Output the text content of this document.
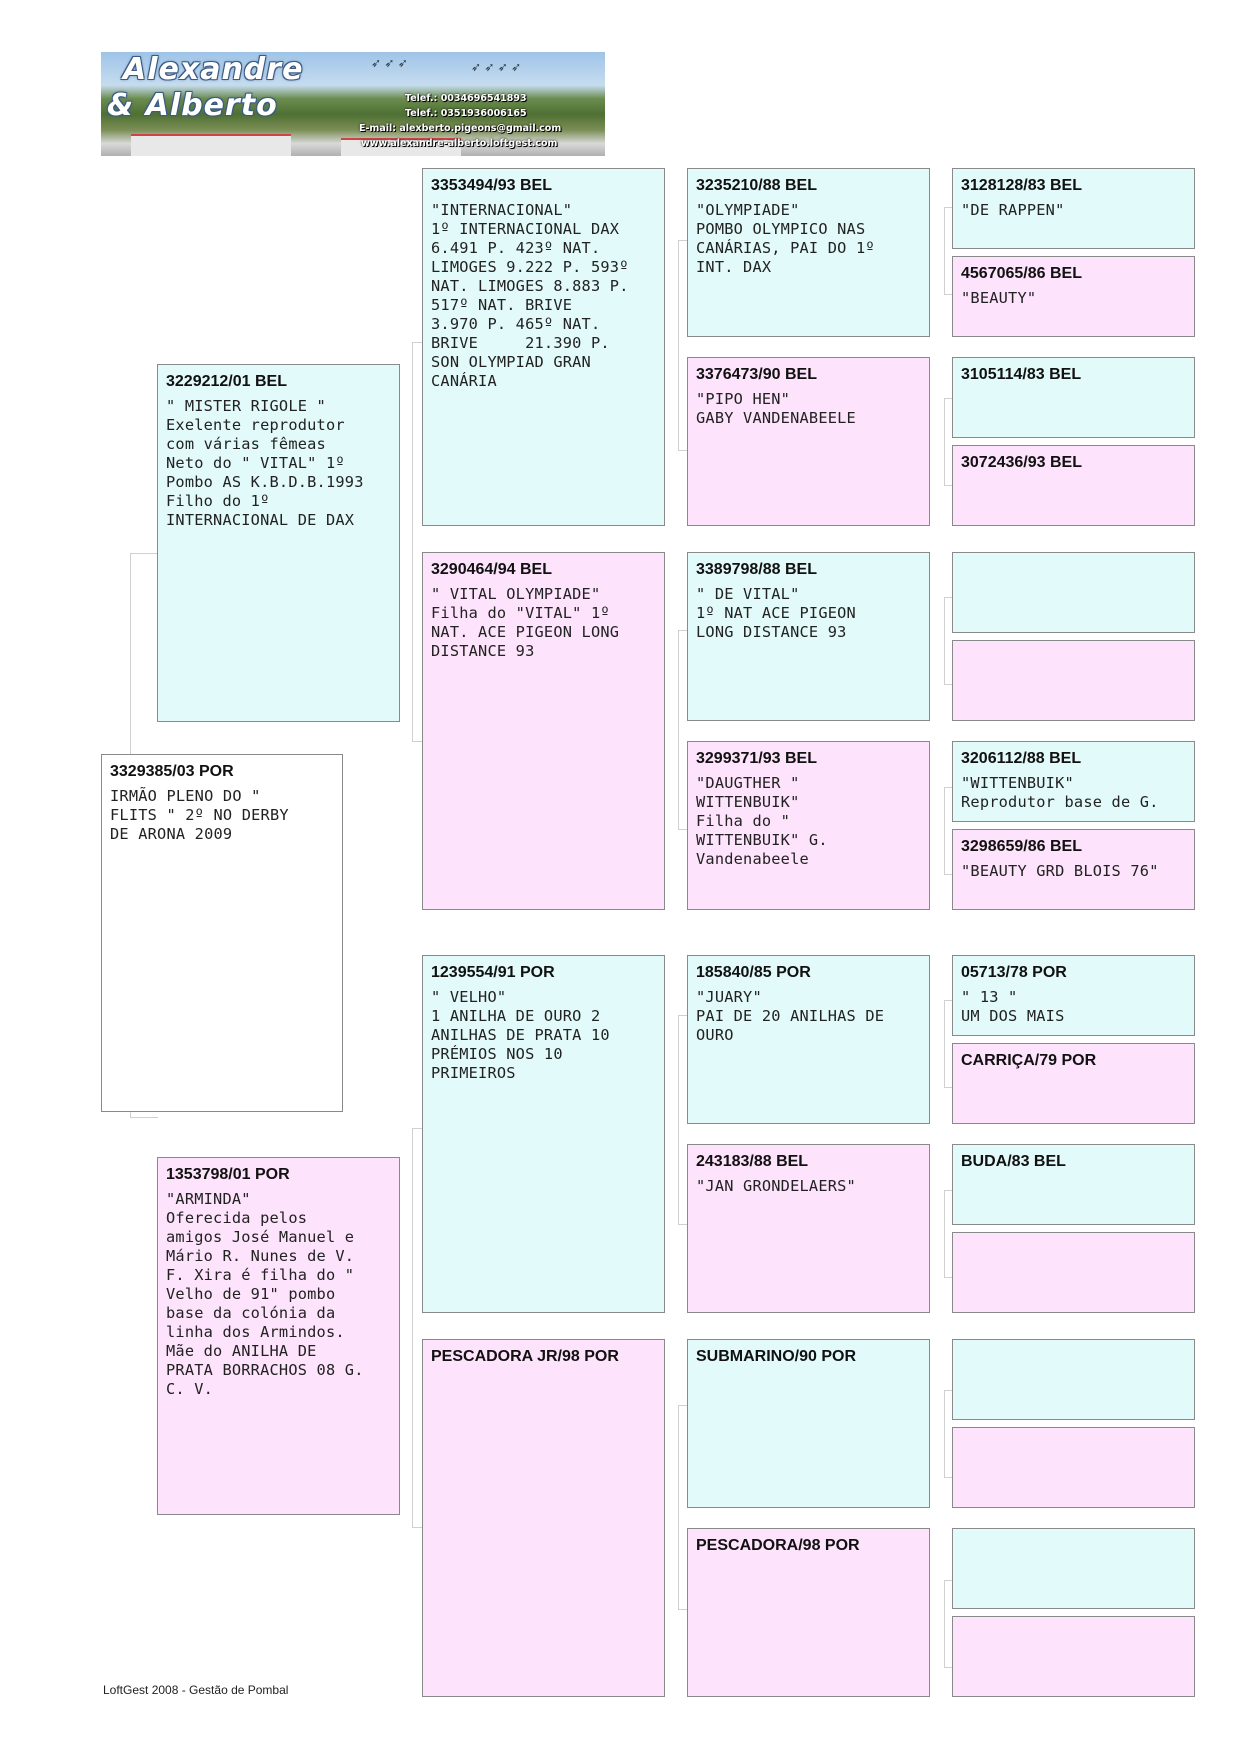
➶ ➶ ➶	➶ ➶ ➶ ➶
Alexandre
& Alberto	Telef.: 0034696541893
Telef.: 0351936006165
E-mail: alexberto.pigeons@gmail.com
www.alexandre-alberto.loftgest.com
3329385/03 POR
IRMÃO PLENO DO "
FLITS " 2º NO DERBY
DE ARONA 2009
3229212/01 BEL
" MISTER RIGOLE "
Exelente reprodutor
com várias fêmeas
Neto do " VITAL" 1º
Pombo AS K.B.D.B.1993
Filho do 1º
INTERNACIONAL DE DAX
1353798/01 POR
"ARMINDA"
Oferecida pelos
amigos José Manuel e
Mário R. Nunes de V.
F. Xira é filha do "
Velho de 91" pombo
base da colónia da
linha dos Armindos.
Mãe do ANILHA DE
PRATA BORRACHOS 08 G.
C. V.
3353494/93 BEL
"INTERNACIONAL"
1º INTERNACIONAL DAX
6.491 P. 423º NAT.
LIMOGES 9.222 P. 593º
NAT. LIMOGES 8.883 P.
517º NAT. BRIVE
3.970 P. 465º NAT.
BRIVE     21.390 P.
SON OLYMPIAD GRAN
CANÁRIA
3290464/94 BEL
" VITAL OLYMPIADE"
Filha do "VITAL" 1º
NAT. ACE PIGEON LONG
DISTANCE 93
1239554/91 POR
" VELHO"
1 ANILHA DE OURO 2
ANILHAS DE PRATA 10
PRÉMIOS NOS 10
PRIMEIROS
PESCADORA JR/98 POR
3235210/88 BEL
"OLYMPIADE"
POMBO OLYMPICO NAS
CANÁRIAS, PAI DO 1º
INT. DAX
3376473/90 BEL
"PIPO HEN"
GABY VANDENABEELE
3389798/88 BEL
" DE VITAL"
1º NAT ACE PIGEON
LONG DISTANCE 93
3299371/93 BEL
"DAUGTHER "
WITTENBUIK"
Filha do "
WITTENBUIK" G.
Vandenabeele
185840/85 POR
"JUARY"
PAI DE 20 ANILHAS DE
OURO
243183/88 BEL
"JAN GRONDELAERS"
SUBMARINO/90 POR
PESCADORA/98 POR
3128128/83 BEL
"DE RAPPEN"
4567065/86 BEL
"BEAUTY"
3105114/83 BEL
3072436/93 BEL
3206112/88 BEL
"WITTENBUIK"
Reprodutor base de G.
3298659/86 BEL
"BEAUTY GRD BLOIS 76"
05713/78 POR
" 13 "
UM DOS MAIS
CARRIÇA/79 POR
BUDA/83 BEL
LoftGest 2008 - Gestão de Pombal
